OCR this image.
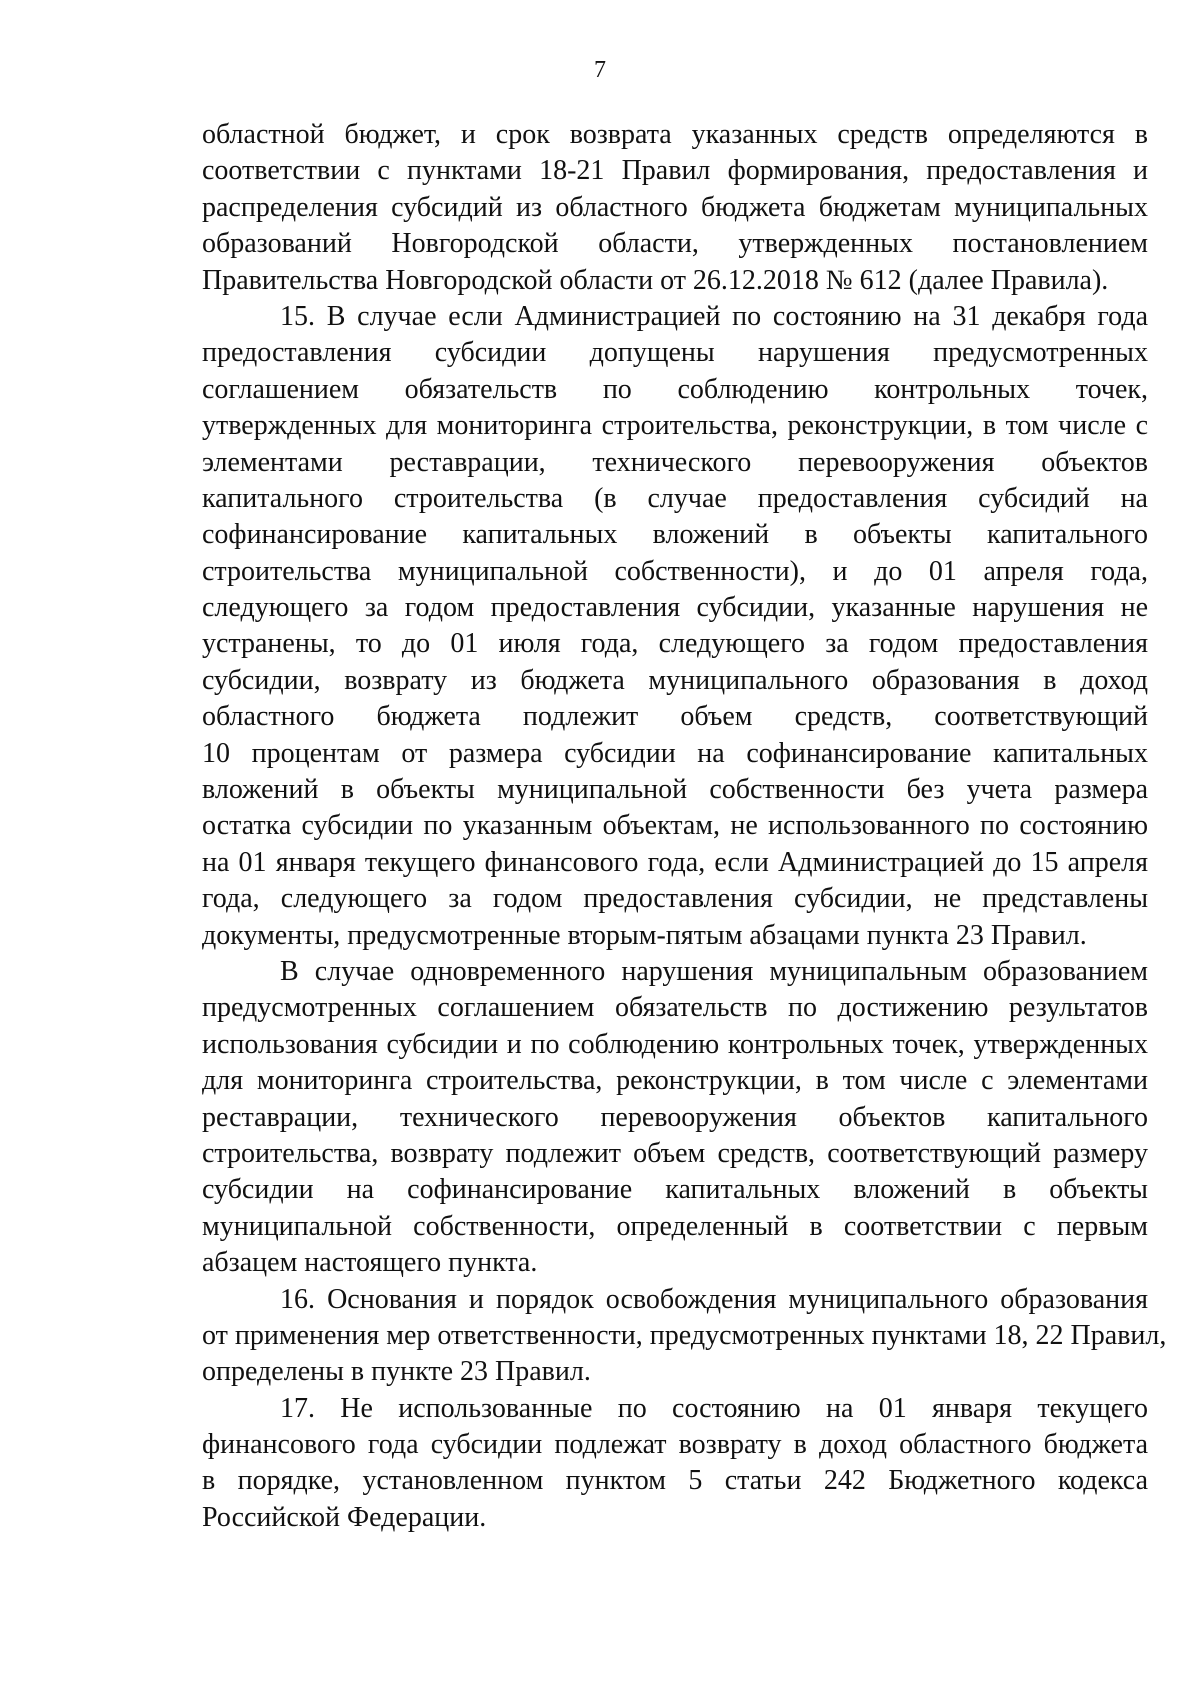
7
областной бюджет, и срок возврата указанных средств определяются в
соответствии с пунктами 18-21 Правил формирования, предоставления и
распределения субсидий из областного бюджета бюджетам муниципальных
образований Новгородской области, утвержденных постановлением
Правительства Новгородской области от 26.12.2018 № 612 (далее Правила).
15. В случае если Администрацией по состоянию на 31 декабря года
предоставления субсидии допущены нарушения предусмотренных
соглашением обязательств по соблюдению контрольных точек,
утвержденных для мониторинга строительства, реконструкции, в том числе с
элементами реставрации, технического перевооружения объектов
капитального строительства (в случае предоставления субсидий на
софинансирование капитальных вложений в объекты капитального
строительства муниципальной собственности), и до 01 апреля года,
следующего за годом предоставления субсидии, указанные нарушения не
устранены, то до 01 июля года, следующего за годом предоставления
субсидии, возврату из бюджета муниципального образования в доход
областного бюджета подлежит объем средств, соответствующий
10 процентам от размера субсидии на софинансирование капитальных
вложений в объекты муниципальной собственности без учета размера
остатка субсидии по указанным объектам, не использованного по состоянию
на 01 января текущего финансового года, если Администрацией до 15 апреля
года, следующего за годом предоставления субсидии, не представлены
документы, предусмотренные вторым-пятым абзацами пункта 23 Правил.
В случае одновременного нарушения муниципальным образованием
предусмотренных соглашением обязательств по достижению результатов
использования субсидии и по соблюдению контрольных точек, утвержденных
для мониторинга строительства, реконструкции, в том числе с элементами
реставрации, технического перевооружения объектов капитального
строительства, возврату подлежит объем средств, соответствующий размеру
субсидии на софинансирование капитальных вложений в объекты
муниципальной собственности, определенный в соответствии с первым
абзацем настоящего пункта.
16. Основания и порядок освобождения муниципального образования
от применения мер ответственности, предусмотренных пунктами 18, 22 Правил,
определены в пункте 23 Правил.
17. Не использованные по состоянию на 01 января текущего
финансового года субсидии подлежат возврату в доход областного бюджета
в порядке, установленном пунктом 5 статьи 242 Бюджетного кодекса
Российской Федерации.
